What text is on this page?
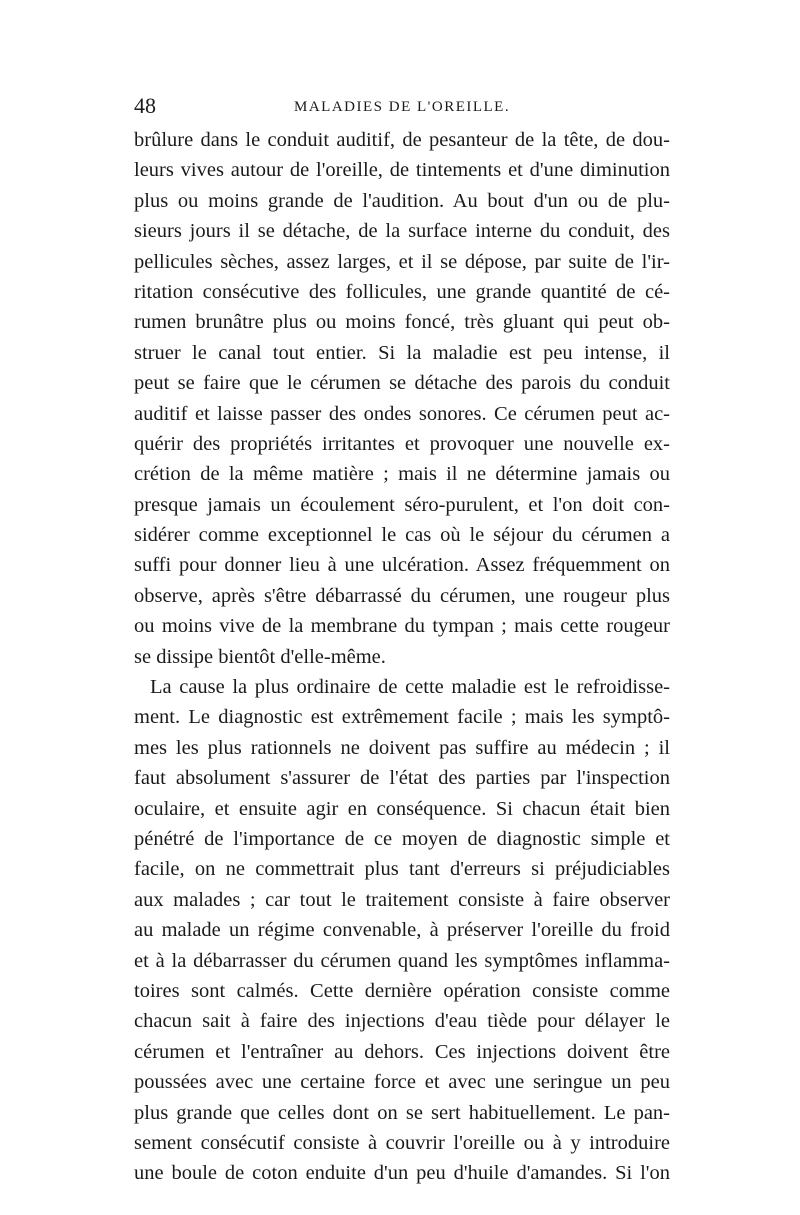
48	MALADIES DE L'OREILLE.
brûlure dans le conduit auditif, de pesanteur de la tête, de dou-
leurs vives autour de l'oreille, de tintements et d'une diminution
plus ou moins grande de l'audition. Au bout d'un ou de plu-
sieurs jours il se détache, de la surface interne du conduit, des
pellicules sèches, assez larges, et il se dépose, par suite de l'ir-
ritation consécutive des follicules, une grande quantité de cé-
rumen brunâtre plus ou moins foncé, très gluant qui peut ob-
struer le canal tout entier. Si la maladie est peu intense, il
peut se faire que le cérumen se détache des parois du conduit
auditif et laisse passer des ondes sonores. Ce cérumen peut ac-
quérir des propriétés irritantes et provoquer une nouvelle ex-
crétion de la même matière ; mais il ne détermine jamais ou
presque jamais un écoulement séro-purulent, et l'on doit con-
sidérer comme exceptionnel le cas où le séjour du cérumen a
suffi pour donner lieu à une ulcération. Assez fréquemment on
observe, après s'être débarrassé du cérumen, une rougeur plus
ou moins vive de la membrane du tympan ; mais cette rougeur
se dissipe bientôt d'elle-même.
La cause la plus ordinaire de cette maladie est le refroidisse-
ment. Le diagnostic est extrêmement facile ; mais les symptô-
mes les plus rationnels ne doivent pas suffire au médecin ; il
faut absolument s'assurer de l'état des parties par l'inspection
oculaire, et ensuite agir en conséquence. Si chacun était bien
pénétré de l'importance de ce moyen de diagnostic simple et
facile, on ne commettrait plus tant d'erreurs si préjudiciables
aux malades ; car tout le traitement consiste à faire observer
au malade un régime convenable, à préserver l'oreille du froid
et à la débarrasser du cérumen quand les symptômes inflamma-
toires sont calmés. Cette dernière opération consiste comme
chacun sait à faire des injections d'eau tiède pour délayer le
cérumen et l'entraîner au dehors. Ces injections doivent être
poussées avec une certaine force et avec une seringue un peu
plus grande que celles dont on se sert habituellement. Le pan-
sement consécutif consiste à couvrir l'oreille ou à y introduire
une boule de coton enduite d'un peu d'huile d'amandes. Si l'on
